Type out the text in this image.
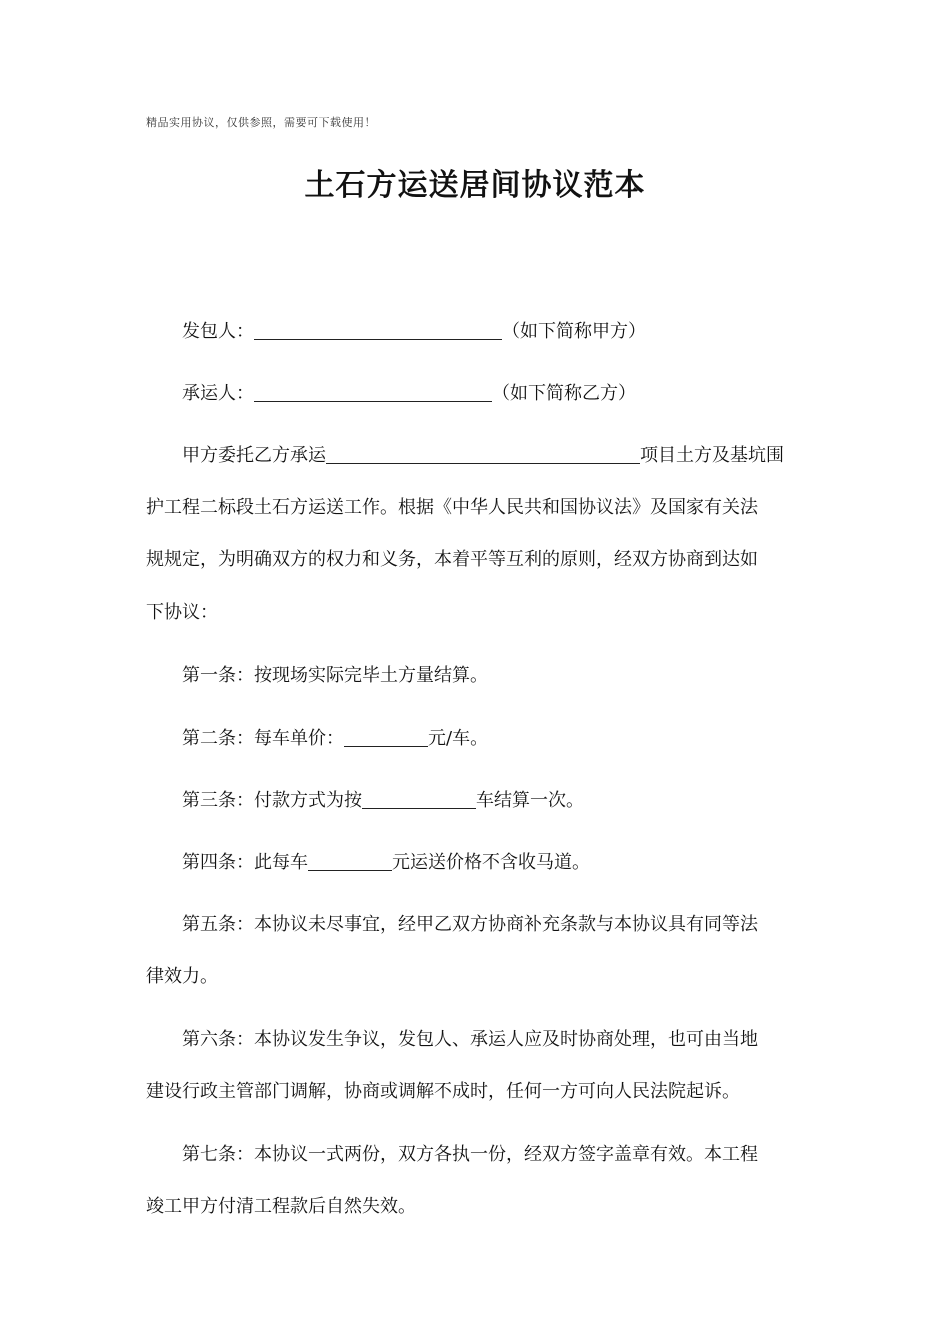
精品实用协议，仅供参照，需要可下载使用！
土石方运送居间协议范本
发包人：	（如下简称甲方）
承运人：	（如下简称乙方）
甲方委托乙方承运	项目土方及基坑围
护工程二标段土石方运送工作。根据《中华人民共和国协议法》及国家有关法
规规定，为明确双方的权力和义务，本着平等互利的原则，经双方协商到达如
下协议：
第一条：按现场实际完毕土方量结算。
第二条：每车单价：	元/车。
第三条：付款方式为按	车结算一次。
第四条：此每车	元运送价格不含收马道。
第五条：本协议未尽事宜，经甲乙双方协商补充条款与本协议具有同等法
律效力。
第六条：本协议发生争议，发包人、承运人应及时协商处理，也可由当地
建设行政主管部门调解，协商或调解不成时，任何一方可向人民法院起诉。
第七条：本协议一式两份，双方各执一份，经双方签字盖章有效。本工程
竣工甲方付清工程款后自然失效。
